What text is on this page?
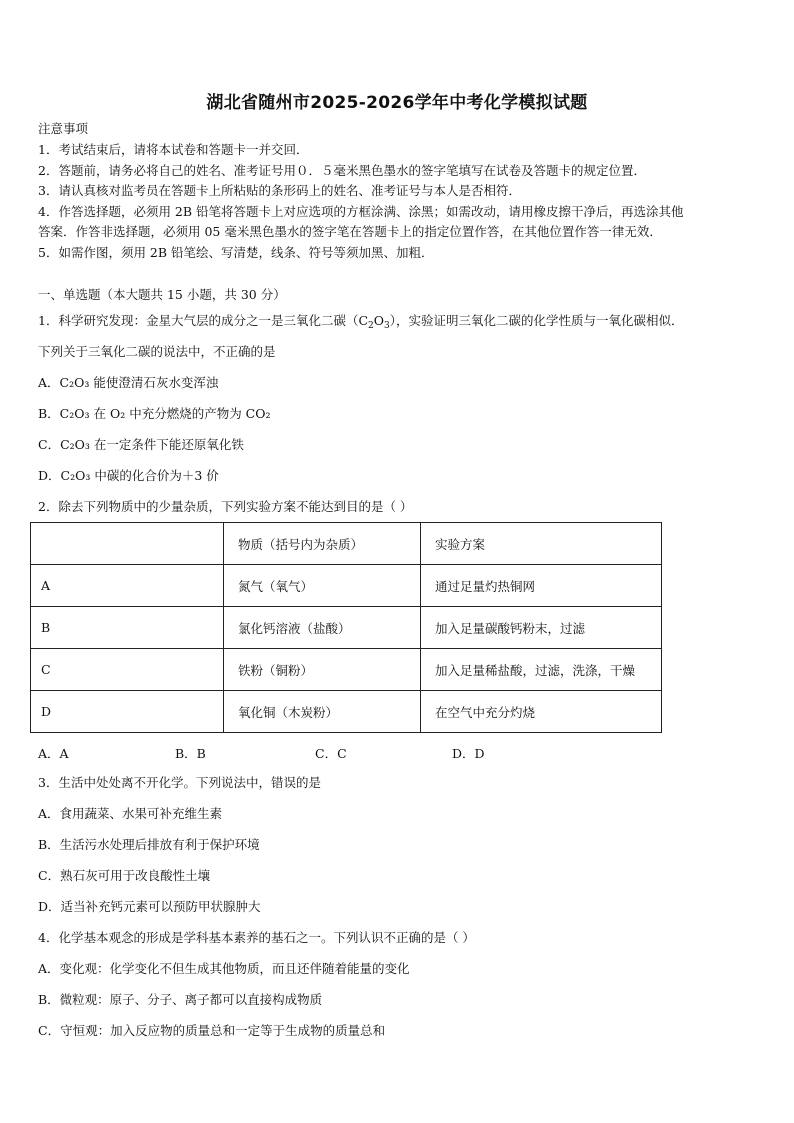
湖北省随州市2025-2026学年中考化学模拟试题
注意事项
1．考试结束后，请将本试卷和答题卡一并交回．
2．答题前，请务必将自己的姓名、准考证号用０．５毫米黑色墨水的签字笔填写在试卷及答题卡的规定位置．
3．请认真核对监考员在答题卡上所粘贴的条形码上的姓名、准考证号与本人是否相符．
4．作答选择题，必须用 2B 铅笔将答题卡上对应选项的方框涂满、涂黑；如需改动，请用橡皮擦干净后，再选涂其他
答案．作答非选择题，必须用 05 毫米黑色墨水的签字笔在答题卡上的指定位置作答，在其他位置作答一律无效．
5．如需作图，须用 2B 铅笔绘、写清楚，线条、符号等须加黑、加粗．
一、单选题（本大题共 15 小题，共 30 分）
1．科学研究发现：金星大气层的成分之一是三氧化二碳$(C_2O_3)$，实验证明三氧化二碳的化学性质与一氧化碳相似．
下列关于三氧化二碳的说法中，不正确的是
A．C₂O₃ 能使澄清石灰水变浑浊
B．C₂O₃ 在 O₂ 中充分燃烧的产物为 CO₂
C．C₂O₃ 在一定条件下能还原氧化铁
D．C₂O₃ 中碳的化合价为＋3 价
2．除去下列物质中的少量杂质，下列实验方案不能达到目的是（ ）
	物质（括号内为杂质）	实验方案
A	氮气（氧气）	通过足量灼热铜网
B	氯化钙溶液（盐酸）	加入足量碳酸钙粉末，过滤
C	铁粉（铜粉）	加入足量稀盐酸，过滤，洗涤，干燥
D	氧化铜（木炭粉）	在空气中充分灼烧
A．A	B．B	C．C	D．D
3．生活中处处离不开化学。下列说法中，错误的是
A．食用蔬菜、水果可补充维生素
B．生活污水处理后排放有利于保护环境
C．熟石灰可用于改良酸性土壤
D．适当补充钙元素可以预防甲状腺肿大
4．化学基本观念的形成是学科基本素养的基石之一。下列认识不正确的是（ ）
A．变化观：化学变化不但生成其他物质，而且还伴随着能量的变化
B．微粒观：原子、分子、离子都可以直接构成物质
C．守恒观：加入反应物的质量总和一定等于生成物的质量总和
